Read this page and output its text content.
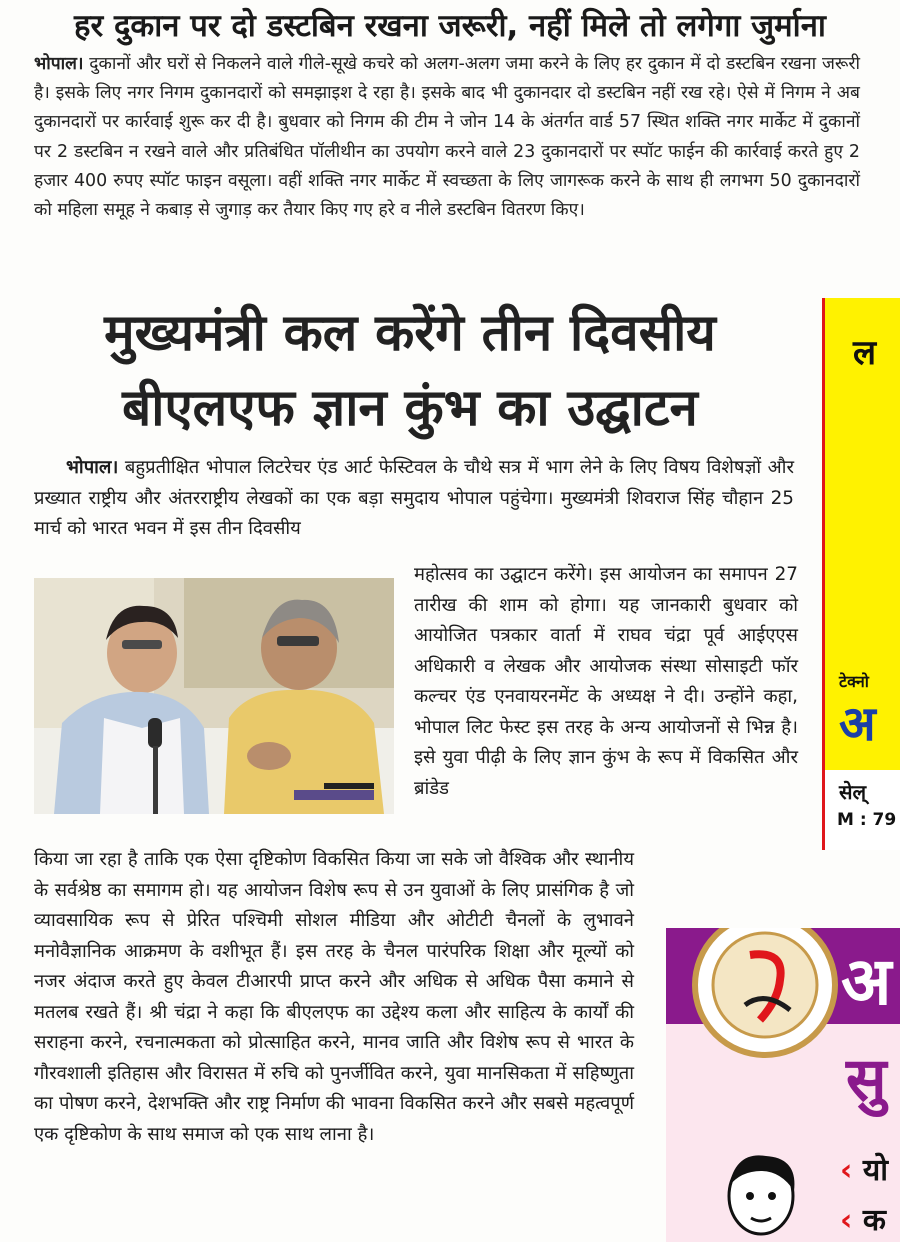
हर दुकान पर दो डस्टबिन रखना जरूरी, नहीं मिले तो लगेगा जुर्माना
भोपाल। दुकानों और घरों से निकलने वाले गीले-सूखे कचरे को अलग-अलग जमा करने के लिए हर दुकान में दो डस्टबिन रखना जरूरी है। इसके लिए नगर निगम दुकानदारों को समझाइश दे रहा है। इसके बाद भी दुकानदार दो डस्टबिन नहीं रख रहे। ऐसे में निगम ने अब दुकानदारों पर कार्रवाई शुरू कर दी है। बुधवार को निगम की टीम ने जोन 14 के अंतर्गत वार्ड 57 स्थित शक्ति नगर मार्केट में दुकानों पर 2 डस्टबिन न रखने वाले और प्रतिबंधित पॉलीथीन का उपयोग करने वाले 23 दुकानदारों पर स्पॉट फाईन की कार्रवाई करते हुए 2 हजार 400 रुपए स्पॉट फाइन वसूला। वहीं शक्ति नगर मार्केट में स्वच्छता के लिए जागरूक करने के साथ ही लगभग 50 दुकानदारों को महिला समूह ने कबाड़ से जुगाड़ कर तैयार किए गए हरे व नीले डस्टबिन वितरण किए।
मुख्यमंत्री कल करेंगे तीन दिवसीय
बीएलएफ ज्ञान कुंभ का उद्घाटन
भोपाल। बहुप्रतीक्षित भोपाल लिटरेचर एंड आर्ट फेस्टिवल के चौथे सत्र में भाग लेने के लिए विषय विशेषज्ञों और प्रख्यात राष्ट्रीय और अंतरराष्ट्रीय लेखकों का एक बड़ा समुदाय भोपाल पहुंचेगा। मुख्यमंत्री शिवराज सिंह चौहान 25 मार्च को भारत भवन में इस तीन दिवसीय
महोत्सव का उद्घाटन करेंगे। इस आयोजन का समापन 27 तारीख की शाम को होगा। यह जानकारी बुधवार को आयोजित पत्रकार वार्ता में राघव चंद्रा पूर्व आईएएस अधिकारी व लेखक और आयोजक संस्था सोसाइटी फॉर कल्चर एंड एनवायरनमेंट के अध्यक्ष ने दी। उन्होंने कहा, भोपाल लिट फेस्ट इस तरह के अन्य आयोजनों से भिन्न है। इसे युवा पीढ़ी के लिए ज्ञान कुंभ के रूप में विकसित और ब्रांडेड
किया जा रहा है ताकि एक ऐसा दृष्टिकोण विकसित किया जा सके जो वैश्विक और स्थानीय के सर्वश्रेष्ठ का समागम हो। यह आयोजन विशेष रूप से उन युवाओं के लिए प्रासंगिक है जो व्यावसायिक रूप से प्रेरित पश्चिमी सोशल मीडिया और ओटीटी चैनलों के लुभावने मनोवैज्ञानिक आक्रमण के वशीभूत हैं। इस तरह के चैनल पारंपरिक शिक्षा और मूल्यों को नजर अंदाज करते हुए केवल टीआरपी प्राप्त करने और अधिक से अधिक पैसा कमाने से मतलब रखते हैं। श्री चंद्रा ने कहा कि बीएलएफ का उद्देश्य कला और साहित्य के कार्यों की सराहना करने, रचनात्मकता को प्रोत्साहित करने, मानव जाति और विशेष रूप से भारत के गौरवशाली इतिहास और विरासत में रुचि को पुनर्जीवित करने, युवा मानसिकता में सहिष्णुता का पोषण करने, देशभक्ति और राष्ट्र निर्माण की भावना विकसित करने और सबसे महत्वपूर्ण एक दृष्टिकोण के साथ समाज को एक साथ लाना है।
ल
टेक्नो
अ
सेल्
M : 79
अ
सु
‹ यो
‹ क
